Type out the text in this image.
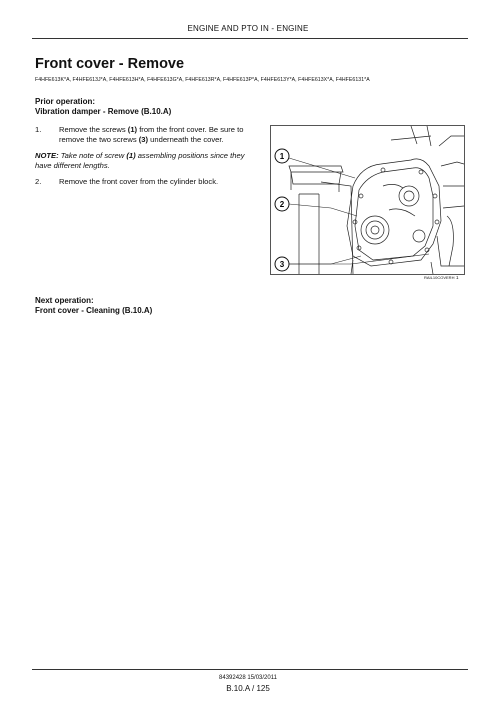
ENGINE AND PTO IN - ENGINE
Front cover - Remove
F4HFE613K*A, F4HFE613J*A, F4HFE613H*A, F4HFE613G*A, F4HFE613R*A, F4HFE613P*A, F4HFE613Y*A, F4HFE613X*A, F4HFE6131*A
Prior operation:
Vibration damper - Remove (B.10.A)
1. Remove the screws (1) from the front cover. Be sure to remove the two screws (3) underneath the cover.
NOTE: Take note of screw (1) assembling positions since they have different lengths.
2. Remove the front cover from the cylinder block.
1
2
3
RAIL10COVERH 1
Next operation:
Front cover - Cleaning (B.10.A)
84392428 15/03/2011
B.10.A / 125
